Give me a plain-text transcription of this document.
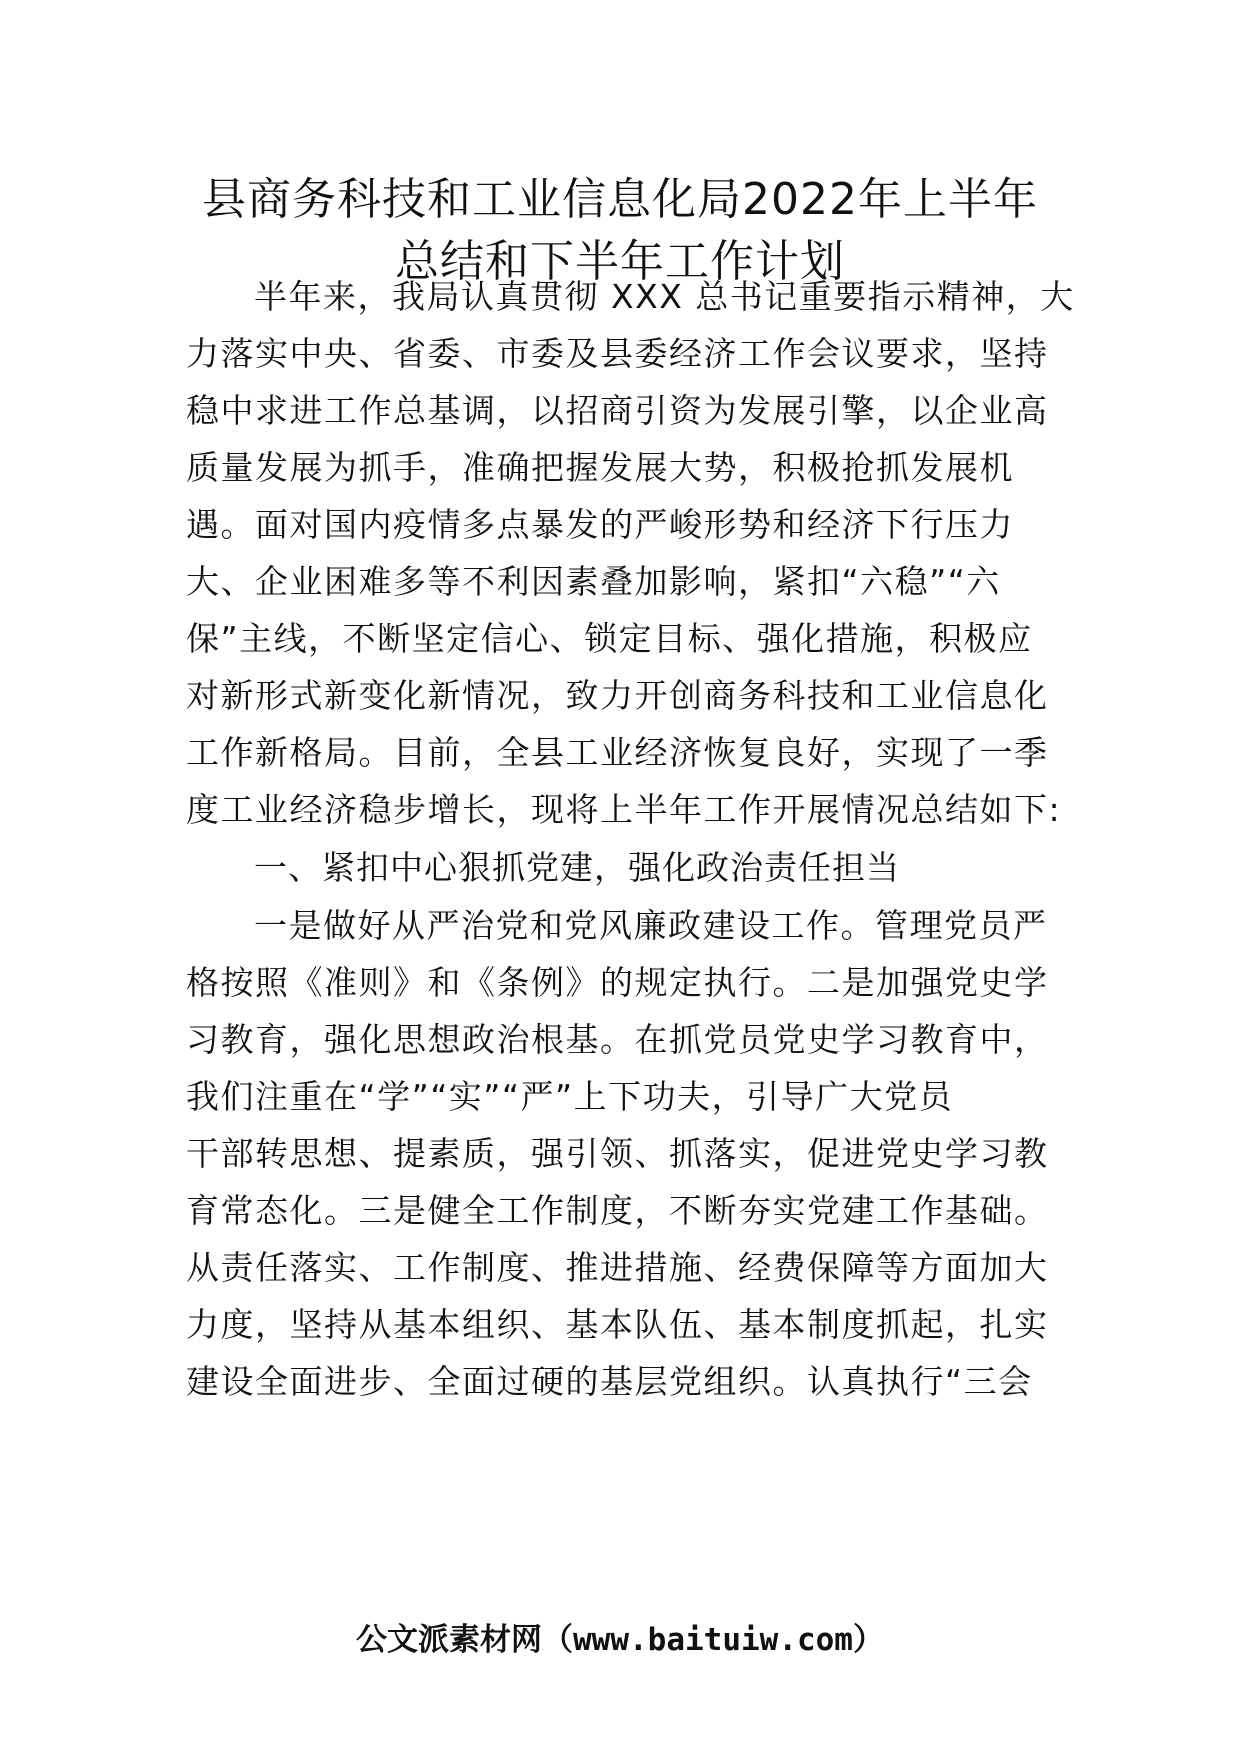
县商务科技和工业信息化局2022年上半年
总结和下半年工作计划
半年来，我局认真贯彻 XXX 总书记重要指示精神，大
力落实中央、省委、市委及县委经济工作会议要求，坚持
稳中求进工作总基调，以招商引资为发展引擎，以企业高
质量发展为抓手，准确把握发展大势，积极抢抓发展机
遇。面对国内疫情多点暴发的严峻形势和经济下行压力
大、企业困难多等不利因素叠加影响，紧扣“六稳”“六
保”主线，不断坚定信心、锁定目标、强化措施，积极应
对新形式新变化新情况，致力开创商务科技和工业信息化
工作新格局。目前，全县工业经济恢复良好，实现了一季
度工业经济稳步增长，现将上半年工作开展情况总结如下:
一、紧扣中心狠抓党建，强化政治责任担当
一是做好从严治党和党风廉政建设工作。管理党员严
格按照《准则》和《条例》的规定执行。二是加强党史学
习教育，强化思想政治根基。在抓党员党史学习教育中，
我们注重在“学”“实”“严”上下功夫，引导广大党员
干部转思想、提素质，强引领、抓落实，促进党史学习教
育常态化。三是健全工作制度，不断夯实党建工作基础。
从责任落实、工作制度、推进措施、经费保障等方面加大
力度，坚持从基本组织、基本队伍、基本制度抓起，扎实
建设全面进步、全面过硬的基层党组织。认真执行“三会
公文派素材网（www.baituiw.com）
